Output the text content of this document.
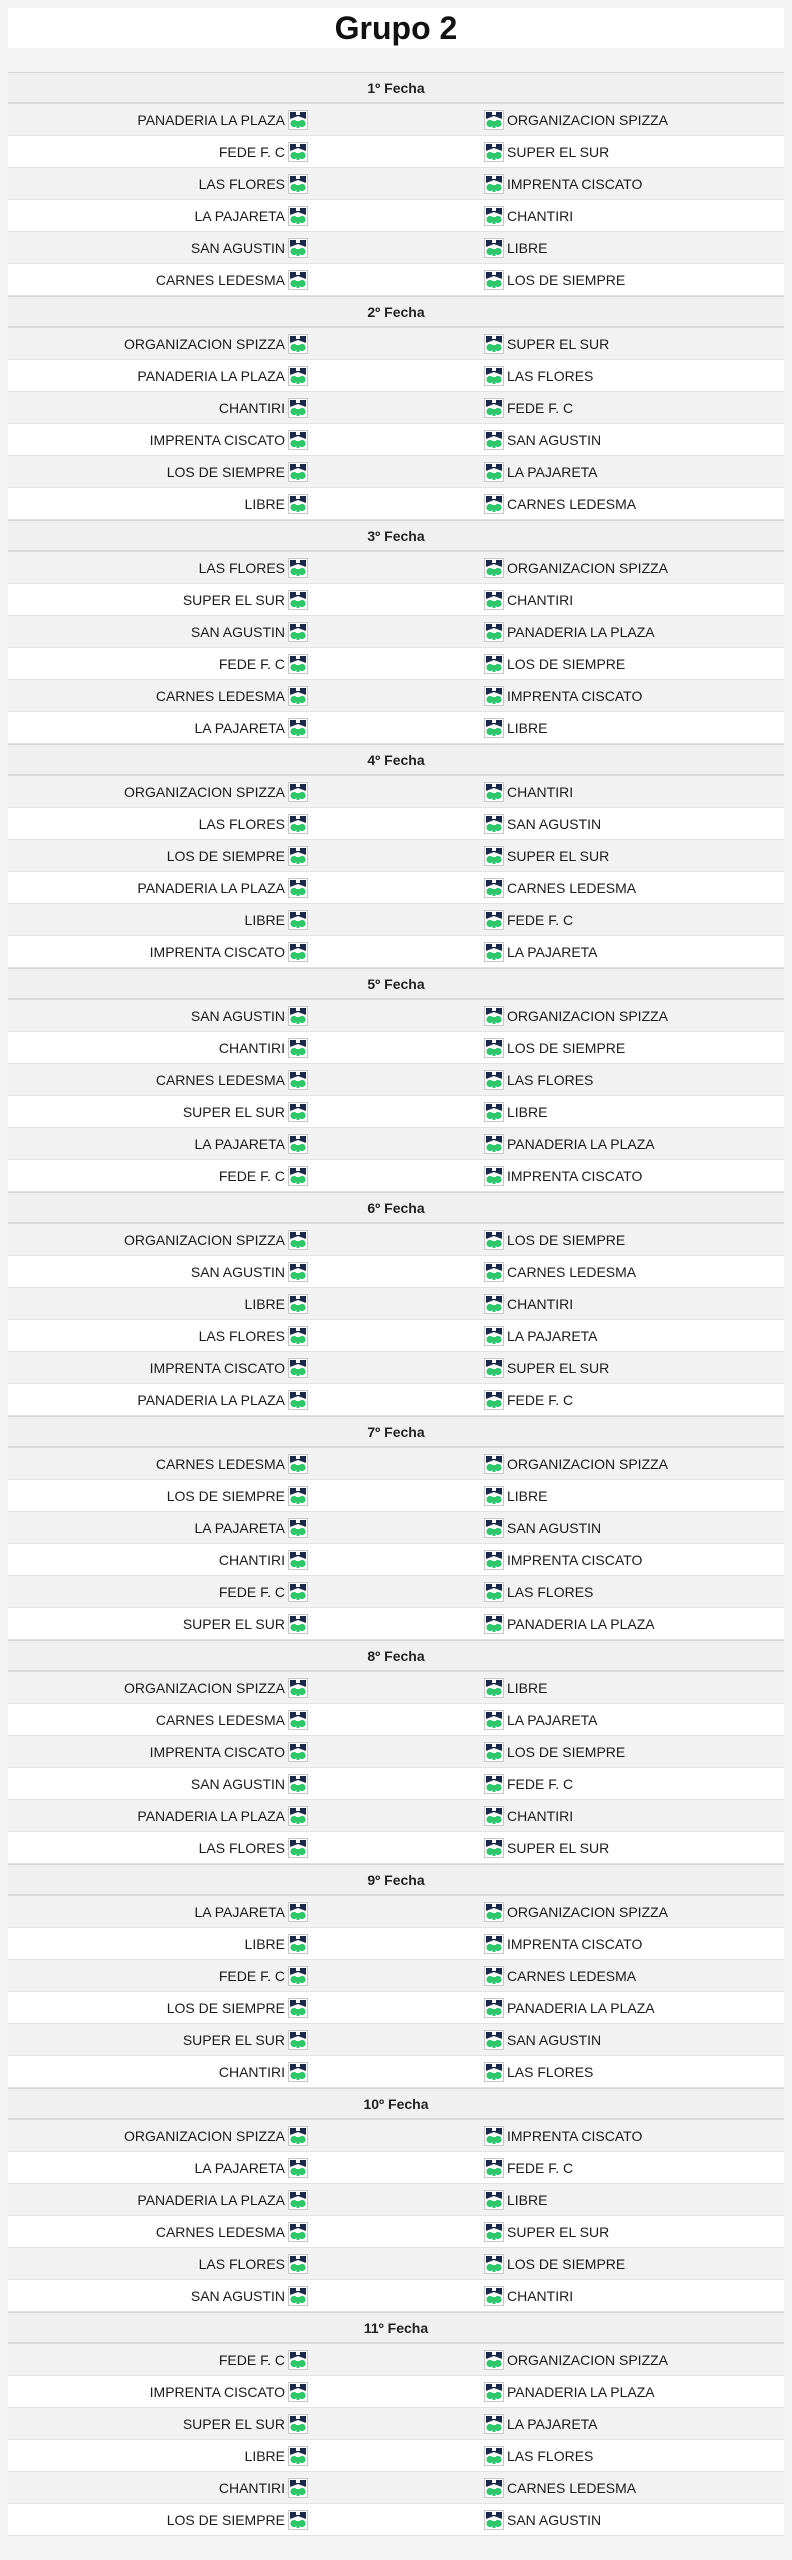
Grupo 2
1º Fecha
PANADERIA LA PLAZA	ORGANIZACION SPIZZA
FEDE F. C	SUPER EL SUR
LAS FLORES	IMPRENTA CISCATO
LA PAJARETA	CHANTIRI
SAN AGUSTIN	LIBRE
CARNES LEDESMA	LOS DE SIEMPRE
2º Fecha
ORGANIZACION SPIZZA	SUPER EL SUR
PANADERIA LA PLAZA	LAS FLORES
CHANTIRI	FEDE F. C
IMPRENTA CISCATO	SAN AGUSTIN
LOS DE SIEMPRE	LA PAJARETA
LIBRE	CARNES LEDESMA
3º Fecha
LAS FLORES	ORGANIZACION SPIZZA
SUPER EL SUR	CHANTIRI
SAN AGUSTIN	PANADERIA LA PLAZA
FEDE F. C	LOS DE SIEMPRE
CARNES LEDESMA	IMPRENTA CISCATO
LA PAJARETA	LIBRE
4º Fecha
ORGANIZACION SPIZZA	CHANTIRI
LAS FLORES	SAN AGUSTIN
LOS DE SIEMPRE	SUPER EL SUR
PANADERIA LA PLAZA	CARNES LEDESMA
LIBRE	FEDE F. C
IMPRENTA CISCATO	LA PAJARETA
5º Fecha
SAN AGUSTIN	ORGANIZACION SPIZZA
CHANTIRI	LOS DE SIEMPRE
CARNES LEDESMA	LAS FLORES
SUPER EL SUR	LIBRE
LA PAJARETA	PANADERIA LA PLAZA
FEDE F. C	IMPRENTA CISCATO
6º Fecha
ORGANIZACION SPIZZA	LOS DE SIEMPRE
SAN AGUSTIN	CARNES LEDESMA
LIBRE	CHANTIRI
LAS FLORES	LA PAJARETA
IMPRENTA CISCATO	SUPER EL SUR
PANADERIA LA PLAZA	FEDE F. C
7º Fecha
CARNES LEDESMA	ORGANIZACION SPIZZA
LOS DE SIEMPRE	LIBRE
LA PAJARETA	SAN AGUSTIN
CHANTIRI	IMPRENTA CISCATO
FEDE F. C	LAS FLORES
SUPER EL SUR	PANADERIA LA PLAZA
8º Fecha
ORGANIZACION SPIZZA	LIBRE
CARNES LEDESMA	LA PAJARETA
IMPRENTA CISCATO	LOS DE SIEMPRE
SAN AGUSTIN	FEDE F. C
PANADERIA LA PLAZA	CHANTIRI
LAS FLORES	SUPER EL SUR
9º Fecha
LA PAJARETA	ORGANIZACION SPIZZA
LIBRE	IMPRENTA CISCATO
FEDE F. C	CARNES LEDESMA
LOS DE SIEMPRE	PANADERIA LA PLAZA
SUPER EL SUR	SAN AGUSTIN
CHANTIRI	LAS FLORES
10º Fecha
ORGANIZACION SPIZZA	IMPRENTA CISCATO
LA PAJARETA	FEDE F. C
PANADERIA LA PLAZA	LIBRE
CARNES LEDESMA	SUPER EL SUR
LAS FLORES	LOS DE SIEMPRE
SAN AGUSTIN	CHANTIRI
11º Fecha
FEDE F. C	ORGANIZACION SPIZZA
IMPRENTA CISCATO	PANADERIA LA PLAZA
SUPER EL SUR	LA PAJARETA
LIBRE	LAS FLORES
CHANTIRI	CARNES LEDESMA
LOS DE SIEMPRE	SAN AGUSTIN
